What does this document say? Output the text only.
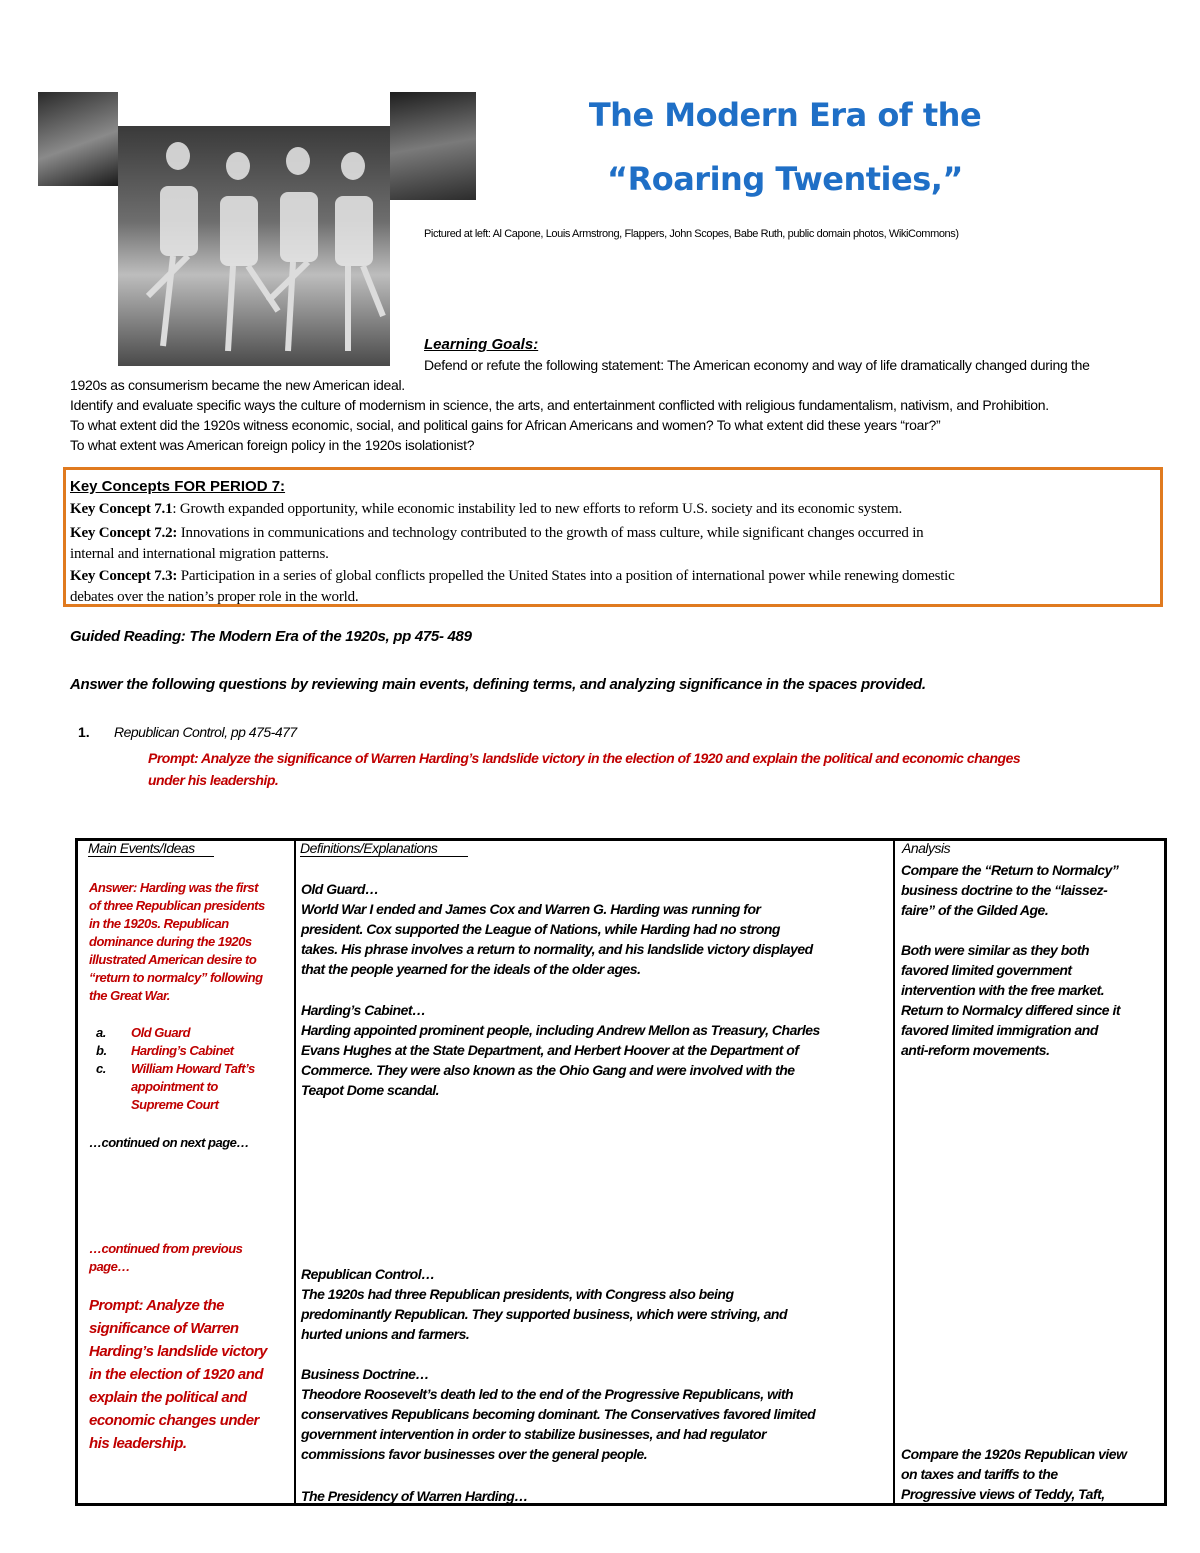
The Modern Era of the
“Roaring Twenties,”
Pictured at left: Al Capone, Louis Armstrong, Flappers, John Scopes, Babe Ruth, public domain photos, WikiCommons)
Learning Goals:
Defend or refute the following statement: The American economy and way of life dramatically changed during the
1920s as consumerism became the new American ideal.
Identify and evaluate specific ways the culture of modernism in science, the arts, and entertainment conflicted with religious fundamentalism, nativism, and Prohibition.
To what extent did the 1920s witness economic, social, and political gains for African Americans and women? To what extent did these years “roar?”
To what extent was American foreign policy in the 1920s isolationist?
Key Concepts FOR PERIOD 7:
Key Concept 7.1: Growth expanded opportunity, while economic instability led to new efforts to reform U.S. society and its economic system.
Key Concept 7.2: Innovations in communications and technology contributed to the growth of mass culture, while significant changes occurred in
internal and international migration patterns.
Key Concept 7.3: Participation in a series of global conflicts propelled the United States into a position of international power while renewing domestic
debates over the nation’s proper role in the world.
Guided Reading: The Modern Era of the 1920s, pp 475- 489
Answer the following questions by reviewing main events, defining terms, and analyzing significance in the spaces provided.
1. Republican Control, pp 475-477
Prompt: Analyze the significance of Warren Harding’s landslide victory in the election of 1920 and explain the political and economic changes
under his leadership.
Main Events/Ideas	Definitions/Explanations	Analysis
Answer: Harding was the first
of three Republican presidents
in the 1920s. Republican
dominance during the 1920s
illustrated American desire to
“return to normalcy” following
the Great War.
a. Old Guard
b. Harding’s Cabinet
c. William Howard Taft’s
appointment to
Supreme Court
…continued on next page…
…continued from previous
page…
Prompt: Analyze the
significance of Warren
Harding’s landslide victory
in the election of 1920 and
explain the political and
economic changes under
his leadership.
Old Guard…
World War I ended and James Cox and Warren G. Harding was running for
president. Cox supported the League of Nations, while Harding had no strong
takes. His phrase involves a return to normality, and his landslide victory displayed
that the people yearned for the ideals of the older ages.
Harding’s Cabinet…
Harding appointed prominent people, including Andrew Mellon as Treasury, Charles
Evans Hughes at the State Department, and Herbert Hoover at the Department of
Commerce. They were also known as the Ohio Gang and were involved with the
Teapot Dome scandal.
Republican Control…
The 1920s had three Republican presidents, with Congress also being
predominantly Republican. They supported business, which were striving, and
hurted unions and farmers.
Business Doctrine…
Theodore Roosevelt’s death led to the end of the Progressive Republicans, with
conservatives Republicans becoming dominant. The Conservatives favored limited
government intervention in order to stabilize businesses, and had regulator
commissions favor businesses over the general people.
The Presidency of Warren Harding…
Compare the “Return to Normalcy”
business doctrine to the “laissez-
faire” of the Gilded Age.
Both were similar as they both
favored limited government
intervention with the free market.
Return to Normalcy differed since it
favored limited immigration and
anti-reform movements.
Compare the 1920s Republican view
on taxes and tariffs to the
Progressive views of Teddy, Taft,
